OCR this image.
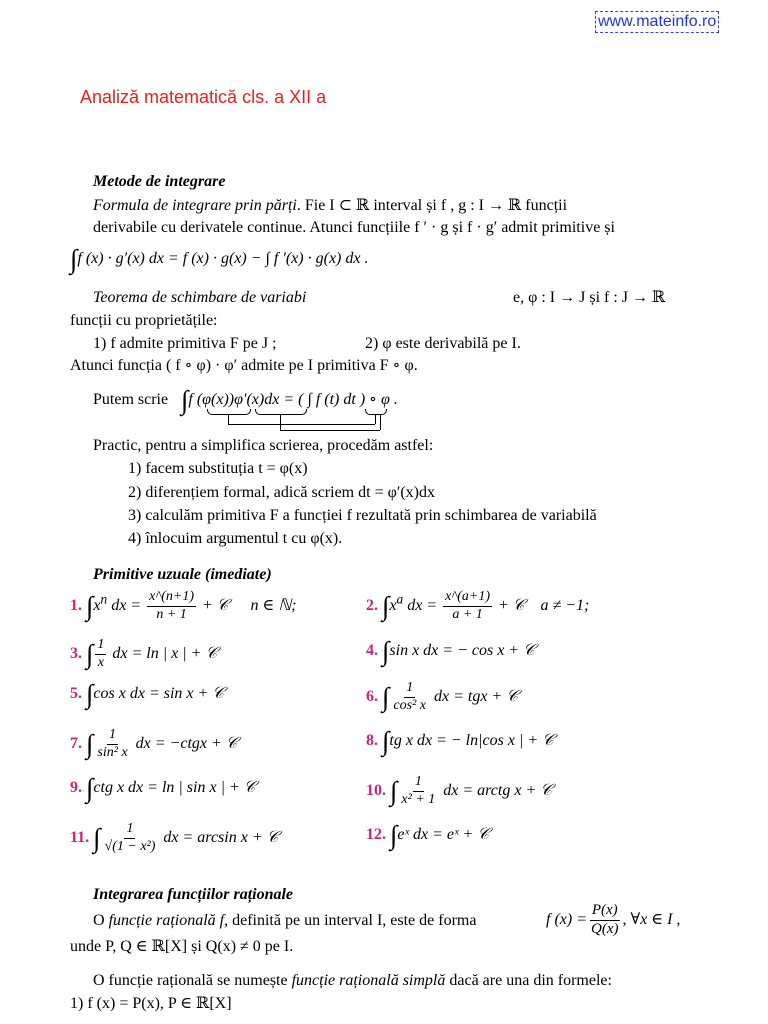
www.mateinfo.ro
Analiză matematică cls. a XII a
Metode de integrare
Formula de integrare prin părți. Fie I ⊂ ℝ interval și f , g : I → ℝ funcții
derivabile cu derivatele continue. Atunci funcțiile f ′ · g și f · g′ admit primitive și
∫f (x) · g′(x) dx = f (x) · g(x) − ∫ f ′(x) · g(x) dx .
Teorema de schimbare de variabi	e, φ : I → J și f : J → ℝ
funcții cu proprietățile:
1) f admite primitiva F pe J ;	2) φ este derivabilă pe I.
Atunci funcția ( f ∘ φ) · φ′ admite pe I primitiva F ∘ φ.
Putem scrie ∫f (φ(x))φ′(x)dx = ( ∫ f (t) dt ) ∘ φ .
Practic, pentru a simplifica scrierea, procedăm astfel:
1) facem substituția t = φ(x)
2) diferențiem formal, adică scriem dt = φ′(x)dx
3) calculăm primitiva F a funcției f rezultată prin schimbarea de variabilă
4) înlocuim argumentul t cu φ(x).
Primitive uzuale (imediate)
1. $\int x^n$ dx = $\frac{x\^{}(n+1)}{n + 1}$ + 𝒞 n ∈ ℕ;	2. $\int x^a$ dx = $\frac{x\^{}(a+1)}{a + 1}$ + 𝒞 a ≠ −1;
3. ∫ $\frac{1}{x}$ dx = ln | x | + 𝒞	4. ∫sin x dx = − cos x + 𝒞
5. ∫cos x dx = sin x + 𝒞	6. ∫ $\frac{1}{\text{cos² x}}$ dx = tgx + 𝒞
7. ∫ $\frac{1}{\text{sin² x}}$ dx = −ctgx + 𝒞	8. ∫tg x dx = − ln|cos x | + 𝒞
9. ∫ctg x dx = ln | sin x | + 𝒞	10. ∫ $\frac{1}{\text{x² + 1}}$ dx = arctg x + 𝒞
11. ∫ $\frac{1}{\text{√(1 − x²)}}$ dx = arcsin x + 𝒞	12. ∫eˣ dx = eˣ + 𝒞
Integrarea funcțiilor raționale
O funcție rațională f, definită pe un interval I, este de forma	f $(x) = \frac{P(x)}{Q(x)}$ , ∀x ∈ I ,
unde P, Q ∈ ℝ[X] și Q(x) ≠ 0 pe I.
O funcție rațională se numește funcție rațională simplă dacă are una din formele:
1) f (x) = P(x), P ∈ ℝ[X]
